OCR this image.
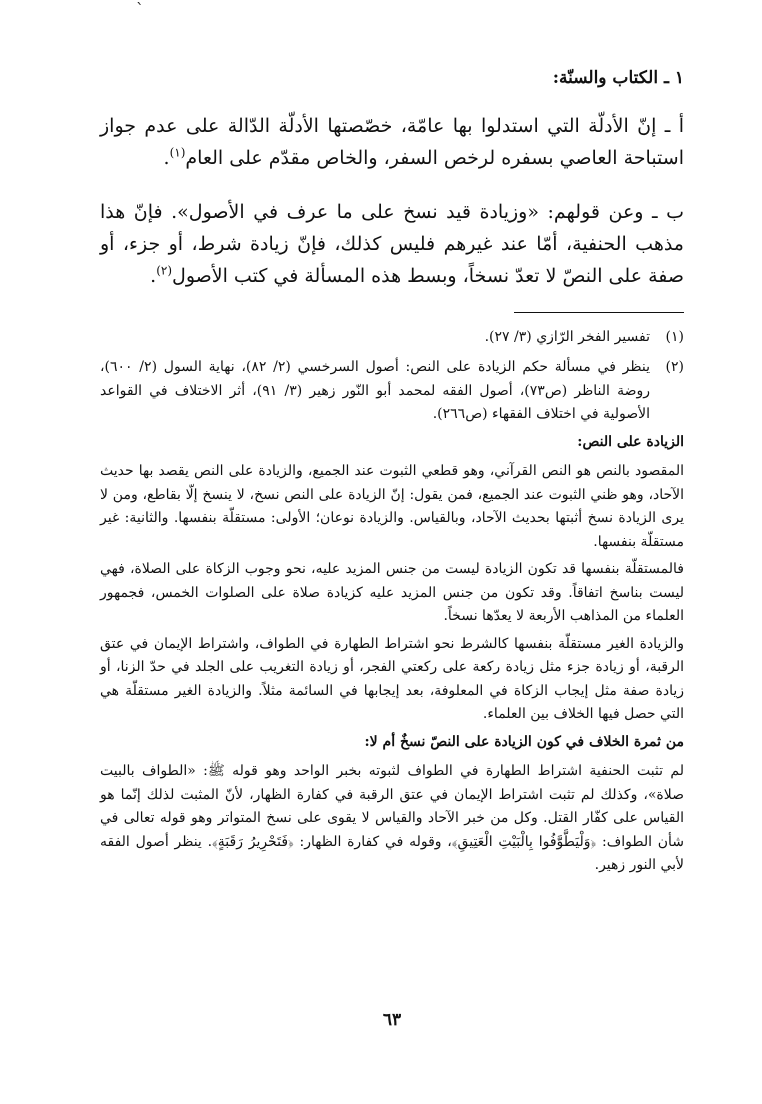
ˋ
١ ـ الكتاب والسنّة:
أ ـ إنّ الأدلّة التي استدلوا بها عامّة، خصّصتها الأدلّة الدّالة على عدم جواز استباحة العاصي بسفره لرخص السفر، والخاص مقدّم على العام$^{(١)}$.
ب ـ وعن قولهم: «وزيادة قيد نسخ على ما عرف في الأصول». فإنّ هذا مذهب الحنفية، أمّا عند غيرهم فليس كذلك، فإنّ زيادة شرط، أو جزء، أو صفة على النصّ لا تعدّ نسخاً، وبسط هذه المسألة في كتب الأصول$^{(٢)}$.
(١)
تفسير الفخر الرّازي (٣/ ٢٧).
(٢)
ينظر في مسألة حكم الزيادة على النص: أصول السرخسي (٢/ ٨٢)، نهاية السول (٢/ ٦٠٠)، روضة الناظر (ص٧٣)، أصول الفقه لمحمد أبو النّور زهير (٣/ ٩١)، أثر الاختلاف في القواعد الأصولية في اختلاف الفقهاء (ص٢٦٦).
الزيادة على النص:
المقصود بالنص هو النص القرآني، وهو قطعي الثبوت عند الجميع، والزيادة على النص يقصد بها حديث الآحاد، وهو ظني الثبوت عند الجميع، فمن يقول: إنّ الزيادة على النص نسخ، لا ينسخ إلّا بقاطع، ومن لا يرى الزيادة نسخ أثبتها بحديث الآحاد، وبالقياس. والزيادة نوعان؛ الأولى: مستقلّة بنفسها. والثانية: غير مستقلّة بنفسها.
فالمستقلّة بنفسها قد تكون الزيادة ليست من جنس المزيد عليه، نحو وجوب الزكاة على الصلاة، فهي ليست بناسخ اتفاقاً. وقد تكون من جنس المزيد عليه كزيادة صلاة على الصلوات الخمس، فجمهور العلماء من المذاهب الأربعة لا يعدّها نسخاً.
والزيادة الغير مستقلّة بنفسها كالشرط نحو اشتراط الطهارة في الطواف، واشتراط الإيمان في عتق الرقبة، أو زيادة جزء مثل زيادة ركعة على ركعتي الفجر، أو زيادة التغريب على الجلد في حدّ الزنا، أو زيادة صفة مثل إيجاب الزكاة في المعلوفة، بعد إيجابها في السائمة مثلاً. والزيادة الغير مستقلّة هي التي حصل فيها الخلاف بين العلماء.
من ثمرة الخلاف في كون الزيادة على النصّ نسخٌ أم لا:
لم تثبت الحنفية اشتراط الطهارة في الطواف لثبوته بخبر الواحد وهو قوله ﷺ: «الطواف بالبيت صلاة»، وكذلك لم تثبت اشتراط الإيمان في عتق الرقبة في كفارة الظهار، لأنّ المثبت لذلك إنّما هو القياس على كفّار القتل. وكل من خبر الآحاد والقياس لا يقوى على نسخ المتواتر وهو قوله تعالى في شأن الطواف: ﴿وَلْيَطَّوَّفُوا بِالْبَيْتِ الْعَتِيقِ﴾، وقوله في كفارة الظهار: ﴿فَتَحْرِيرُ رَقَبَةٍ﴾. ينظر أصول الفقه لأبي النور زهير.
٦٣
